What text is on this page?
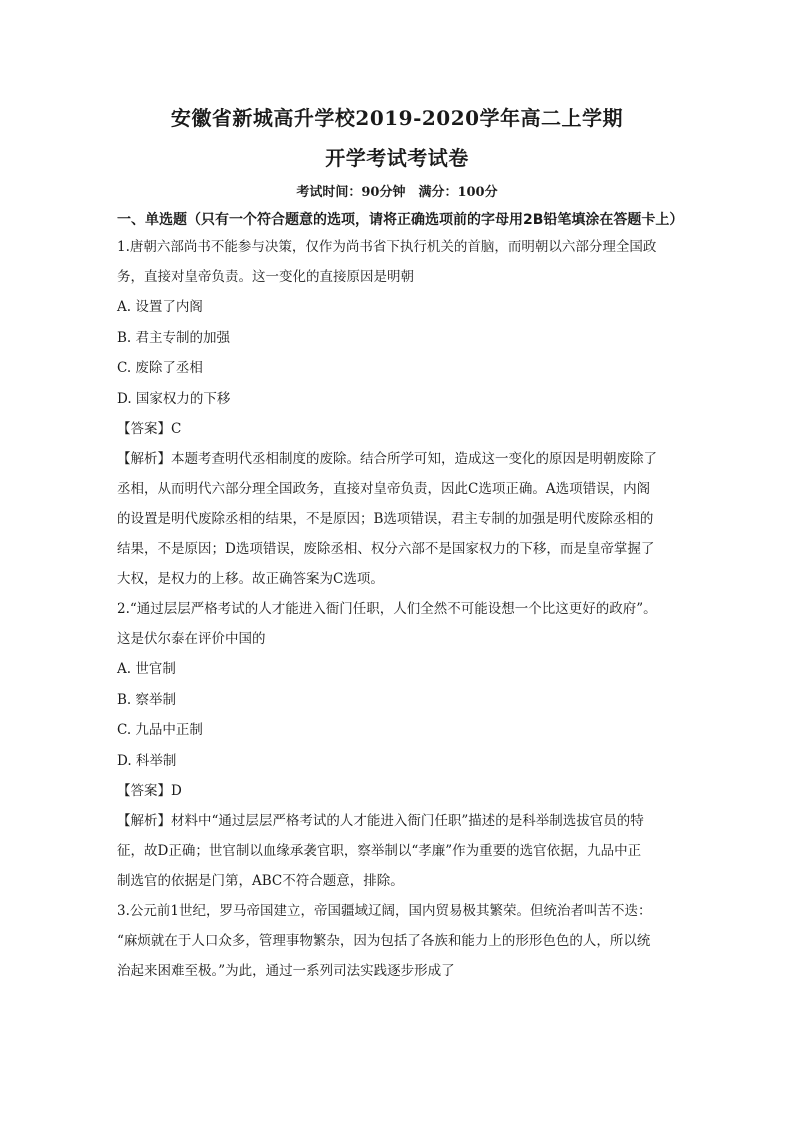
安徽省新城高升学校2019-2020学年高二上学期
开学考试考试卷
考试时间：90分钟　满分：100分
一、单选题（只有一个符合题意的选项，请将正确选项前的字母用2B铅笔填涂在答题卡上）

1.唐朝六部尚书不能参与决策，仅作为尚书省下执行机关的首脑，而明朝以六部分理全国政

务，直接对皇帝负责。这一变化的直接原因是明朝

A. 设置了内阁

B. 君主专制的加强

C. 废除了丞相

D. 国家权力的下移

【答案】C

【解析】本题考查明代丞相制度的废除。结合所学可知，造成这一变化的原因是明朝废除了

丞相，从而明代六部分理全国政务，直接对皇帝负责，因此C选项正确。A选项错误，内阁

的设置是明代废除丞相的结果，不是原因；B选项错误，君主专制的加强是明代废除丞相的

结果，不是原因；D选项错误，废除丞相、权分六部不是国家权力的下移，而是皇帝掌握了

大权，是权力的上移。故正确答案为C选项。

2.“通过层层严格考试的人才能进入衙门任职，人们全然不可能设想一个比这更好的政府”。

这是伏尔泰在评价中国的

A. 世官制

B. 察举制

C. 九品中正制

D. 科举制

【答案】D

【解析】材料中“通过层层严格考试的人才能进入衙门任职”描述的是科举制选拔官员的特

征，故D正确；世官制以血缘承袭官职，察举制以“孝廉”作为重要的选官依据，九品中正

制选官的依据是门第，ABC不符合题意，排除。

3.公元前1世纪，罗马帝国建立，帝国疆域辽阔，国内贸易极其繁荣。但统治者叫苦不迭：

“麻烦就在于人口众多，管理事物繁杂，因为包括了各族和能力上的形形色色的人，所以统

治起来困难至极。”为此，通过一系列司法实践逐步形成了
